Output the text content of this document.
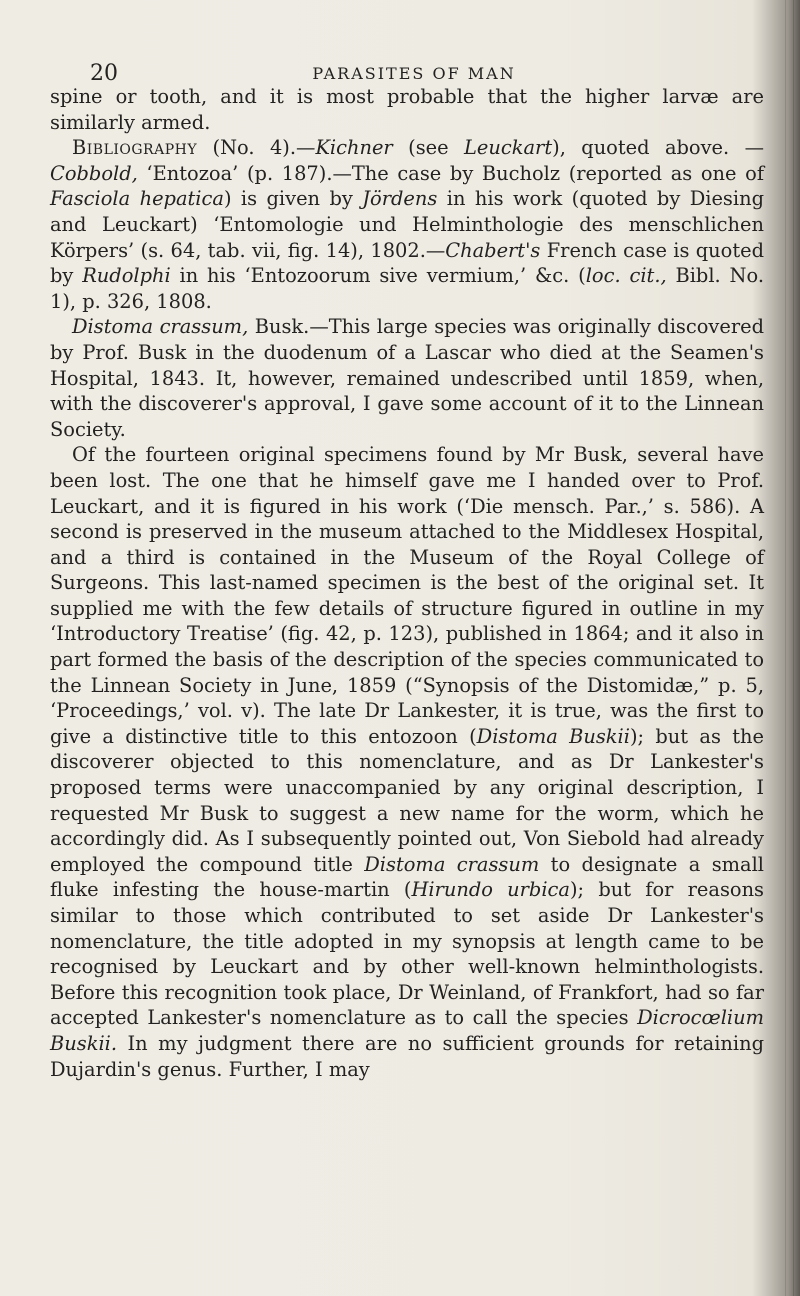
20	PARASITES OF MAN

spine or tooth, and it is most probable that the higher larvæ are similarly armed.

Bibliography (No. 4).—Kichner (see Leuckart), quoted above. —Cobbold, ‘Entozoa’ (p. 187).—The case by Bucholz (reported as one of Fasciola hepatica) is given by Jördens in his work (quoted by Diesing and Leuckart) ‘Entomologie und Helminthologie des menschlichen Körpers’ (s. 64, tab. vii, fig. 14), 1802.—Chabert's French case is quoted by Rudolphi in his ‘Entozoorum sive vermium,’ &c. (loc. cit., Bibl. No. 1), p. 326, 1808.

Distoma crassum, Busk.—This large species was originally discovered by Prof. Busk in the duodenum of a Lascar who died at the Seamen's Hospital, 1843. It, however, remained undescribed until 1859, when, with the discoverer's approval, I gave some account of it to the Linnean Society.

Of the fourteen original specimens found by Mr Busk, several have been lost. The one that he himself gave me I handed over to Prof. Leuckart, and it is figured in his work (‘Die mensch. Par.,’ s. 586). A second is preserved in the museum attached to the Middlesex Hospital, and a third is contained in the Museum of the Royal College of Surgeons. This last-named specimen is the best of the original set. It supplied me with the few details of structure figured in outline in my ‘Introductory Treatise’ (fig. 42, p. 123), published in 1864; and it also in part formed the basis of the description of the species communicated to the Linnean Society in June, 1859 (“Synopsis of the Distomidæ,” p. 5, ‘Proceedings,’ vol. v). The late Dr Lankester, it is true, was the first to give a distinctive title to this entozoon (Distoma Buskii); but as the discoverer objected to this nomenclature, and as Dr Lankester's proposed terms were unaccompanied by any original description, I requested Mr Busk to suggest a new name for the worm, which he accordingly did. As I subsequently pointed out, Von Siebold had already employed the compound title Distoma crassum to designate a small fluke infesting the house-martin (Hirundo urbica); but for reasons similar to those which contributed to set aside Dr Lankester's nomenclature, the title adopted in my synopsis at length came to be recognised by Leuckart and by other well-known helminthologists. Before this recognition took place, Dr Weinland, of Frankfort, had so far accepted Lankester's nomenclature as to call the species Dicrocœlium Buskii. In my judgment there are no sufficient grounds for retaining Dujardin's genus. Further, I may
